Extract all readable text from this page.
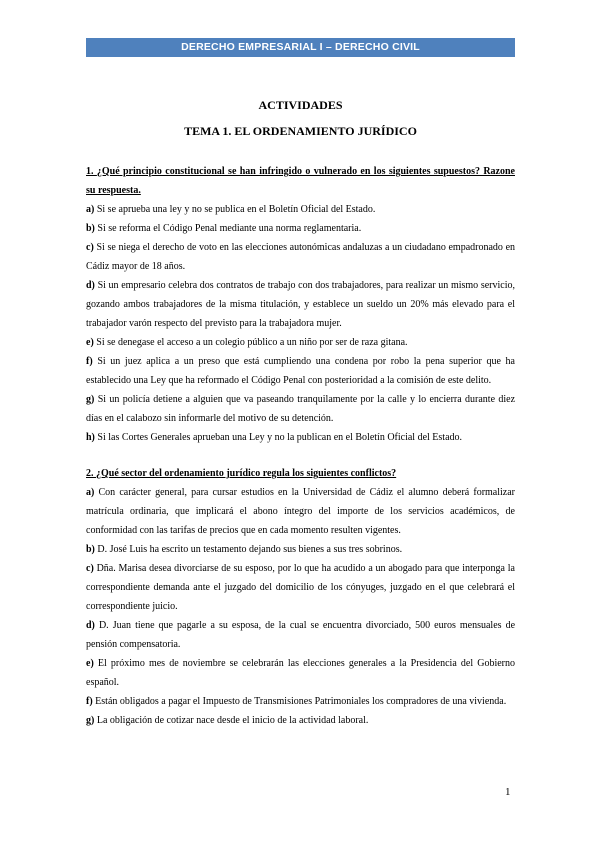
DERECHO EMPRESARIAL I – DERECHO CIVIL
ACTIVIDADES
TEMA 1. EL ORDENAMIENTO JURÍDICO

1. ¿Qué principio constitucional se han infringido o vulnerado en los siguientes supuestos? Razone su respuesta.

a) Si se aprueba una ley y no se publica en el Boletín Oficial del Estado.

b) Si se reforma el Código Penal mediante una norma reglamentaria.

c) Si se niega el derecho de voto en las elecciones autonómicas andaluzas a un ciudadano empadronado en Cádiz mayor de 18 años.

d) Si un empresario celebra dos contratos de trabajo con dos trabajadores, para realizar un mismo servicio, gozando ambos trabajadores de la misma titulación, y establece un sueldo un 20% más elevado para el trabajador varón respecto del previsto para la trabajadora mujer.

e) Si se denegase el acceso a un colegio público a un niño por ser de raza gitana.

f) Si un juez aplica a un preso que está cumpliendo una condena por robo la pena superior que ha establecido una Ley que ha reformado el Código Penal con posterioridad a la comisión de este delito.

g) Si un policía detiene a alguien que va paseando tranquilamente por la calle y lo encierra durante diez días en el calabozo sin informarle del motivo de su detención.

h) Si las Cortes Generales aprueban una Ley y no la publican en el Boletín Oficial del Estado.

2. ¿Qué sector del ordenamiento jurídico regula los siguientes conflictos?

a) Con carácter general, para cursar estudios en la Universidad de Cádiz el alumno deberá formalizar matrícula ordinaria, que implicará el abono íntegro del importe de los servicios académicos, de conformidad con las tarifas de precios que en cada momento resulten vigentes.

b) D. José Luis ha escrito un testamento dejando sus bienes a sus tres sobrinos.

c) Dña. Marisa desea divorciarse de su esposo, por lo que ha acudido a un abogado para que interponga la correspondiente demanda ante el juzgado del domicilio de los cónyuges, juzgado en el que celebrará el correspondiente juicio.

d) D. Juan tiene que pagarle a su esposa, de la cual se encuentra divorciado, 500 euros mensuales de pensión compensatoria.

e) El próximo mes de noviembre se celebrarán las elecciones generales a la Presidencia del Gobierno español.

f) Están obligados a pagar el Impuesto de Transmisiones Patrimoniales los compradores de una vivienda.

g) La obligación de cotizar nace desde el inicio de la actividad laboral.

1
